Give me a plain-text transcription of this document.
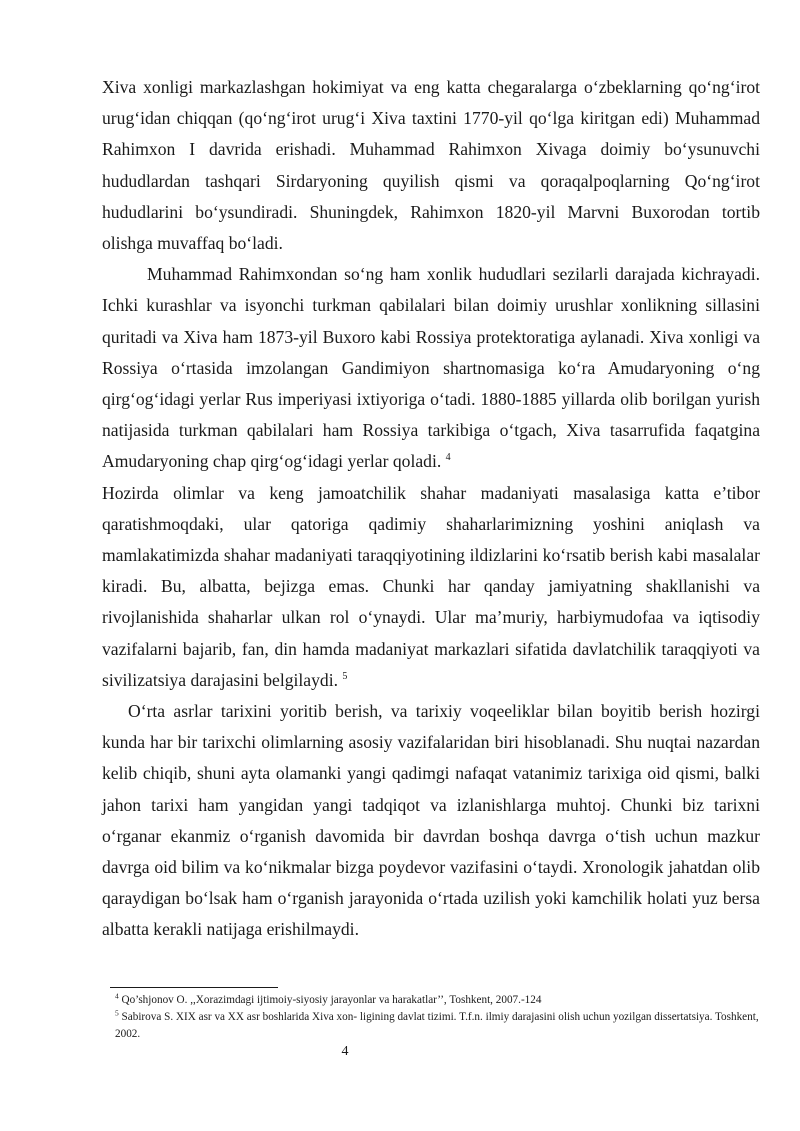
Xiva xonligi markazlashgan hokimiyat va eng katta chegaralarga o‘zbeklarning qo‘ng‘irot urug‘idan chiqqan (qo‘ng‘irot urug‘i Xiva taxtini 1770-yil qo‘lga kiritgan edi) Muhammad Rahimxon I davrida erishadi. Muhammad Rahimxon Xivaga doimiy bo‘ysunuvchi hududlardan tashqari Sirdaryoning quyilish qismi va qoraqalpoqlarning Qo‘ng‘irot hududlarini bo‘ysundiradi. Shuningdek, Rahimxon 1820-yil Marvni Buxorodan tortib olishga muvaffaq bo‘ladi.

Muhammad Rahimxondan so‘ng ham xonlik hududlari sezilarli darajada kichrayadi. Ichki kurashlar va isyonchi turkman qabilalari bilan doimiy urushlar xonlikning sillasini quritadi va Xiva ham 1873-yil Buxoro kabi Rossiya protektoratiga aylanadi. Xiva xonligi va Rossiya o‘rtasida imzolangan Gandimiyon shartnomasiga ko‘ra Amudaryoning o‘ng qirg‘og‘idagi yerlar Rus imperiyasi ixtiyoriga o‘tadi. 1880-1885 yillarda olib borilgan yurish natijasida turkman qabilalari ham Rossiya tarkibiga o‘tgach, Xiva tasarrufida faqatgina Amudaryoning chap qirg‘og‘idagi yerlar qoladi. $^4$

Hozirda olimlar va keng jamoatchilik shahar madaniyati masalasiga katta e’tibor qaratishmoqdaki, ular qatoriga qadimiy shaharlarimizning yoshini aniqlash va mamlakatimizda shahar madaniyati taraqqiyotining ildizlarini ko‘rsatib berish kabi masalalar kiradi. Bu, albatta, bejizga emas. Chunki har qanday jamiyatning shakllanishi va rivojlanishida shaharlar ulkan rol o‘ynaydi. Ular ma’muriy, harbiymudofaa va iqtisodiy vazifalarni bajarib, fan, din hamda madaniyat markazlari sifatida davlatchilik taraqqiyoti va sivilizatsiya darajasini belgilaydi. $^5$

O‘rta asrlar tarixini yoritib berish, va tarixiy voqeeliklar bilan boyitib berish hozirgi kunda har bir tarixchi olimlarning asosiy vazifalaridan biri hisoblanadi. Shu nuqtai nazardan kelib chiqib, shuni ayta olamanki yangi qadimgi nafaqat vatanimiz tarixiga oid qismi, balki jahon tarixi ham yangidan yangi tadqiqot va izlanishlarga muhtoj. Chunki biz tarixni o‘rganar ekanmiz o‘rganish davomida bir davrdan boshqa davrga o‘tish uchun mazkur davrga oid bilim va ko‘nikmalar bizga poydevor vazifasini o‘taydi. Xronologik jahatdan olib qaraydigan bo‘lsak ham o‘rganish jarayonida o‘rtada uzilish yoki kamchilik holati yuz bersa albatta kerakli natijaga erishilmaydi.

$^4$ Qo’shjonov O. ,,Xorazimdagi ijtimoiy-siyosiy jarayonlar va harakatlar’’, Toshkent, 2007.-124

$^5$ Sabirova S. XIX asr va XX asr boshlarida Xiva xon- ligining davlat tizimi. T.f.n. ilmiy darajasini olish uchun yozilgan dissertatsiya. Toshkent, 2002.

4
